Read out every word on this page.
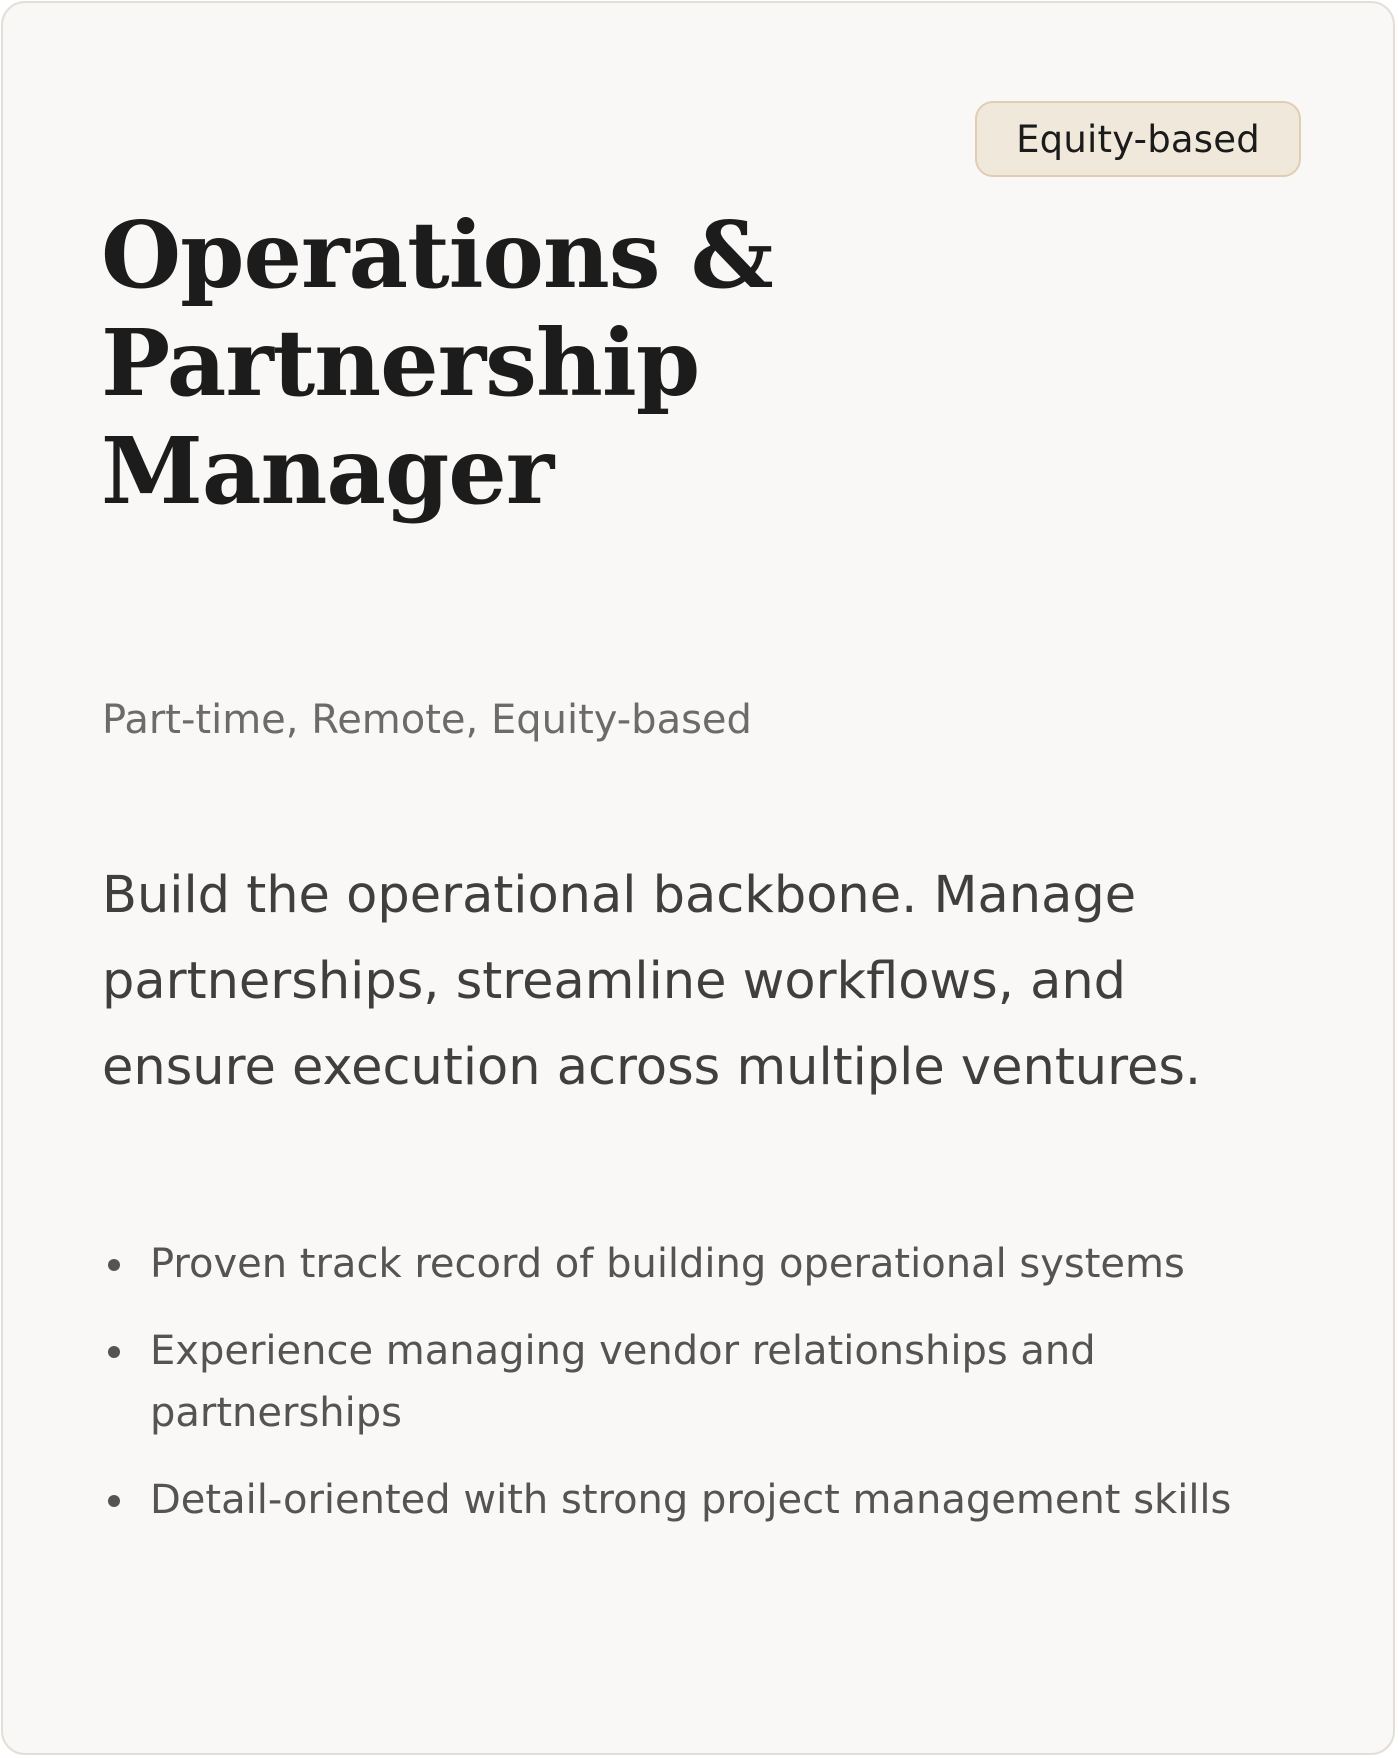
Equity-based
Operations & Partnership Manager
Part-time, Remote, Equity-based

Build the operational backbone. Manage partnerships, streamline workflows, and ensure execution across multiple ventures.

Proven track record of building operational systems
Experience managing vendor relationships and partnerships
Detail-oriented with strong project management skills
